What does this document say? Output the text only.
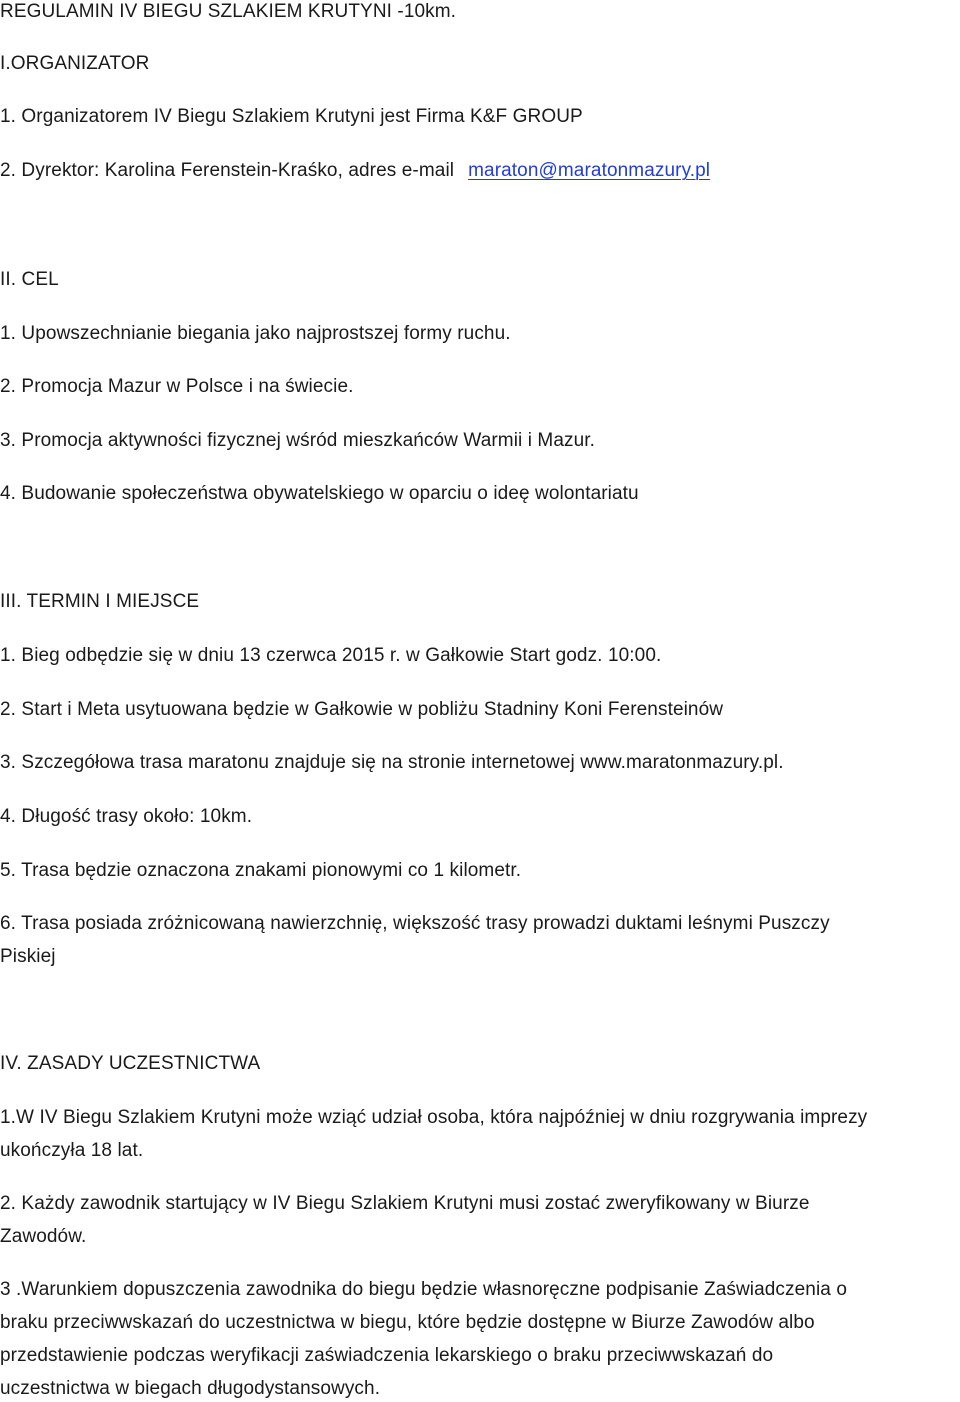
REGULAMIN IV BIEGU SZLAKIEM KRUTYNI -10km.

I.ORGANIZATOR

1. Organizatorem IV Biegu Szlakiem Krutyni jest Firma K&F GROUP

2. Dyrektor: Karolina Ferenstein-Kraśko, adres e-mail maraton@maratonmazury.pl

II. CEL

1. Upowszechnianie biegania jako najprostszej formy ruchu.

2. Promocja Mazur w Polsce i na świecie.

3. Promocja aktywności fizycznej wśród mieszkańców Warmii i Mazur.

4. Budowanie społeczeństwa obywatelskiego w oparciu o ideę wolontariatu

III. TERMIN I MIEJSCE

1. Bieg odbędzie się w dniu 13 czerwca 2015 r. w Gałkowie Start godz. 10:00.

2. Start i Meta usytuowana będzie w Gałkowie w pobliżu Stadniny Koni Ferensteinów

3. Szczegółowa trasa maratonu znajduje się na stronie internetowej www.maratonmazury.pl.

4. Długość trasy około: 10km.

5. Trasa będzie oznaczona znakami pionowymi co 1 kilometr.

6. Trasa posiada zróżnicowaną nawierzchnię, większość trasy prowadzi duktami leśnymi Puszczy

Piskiej

IV. ZASADY UCZESTNICTWA

1.W IV Biegu Szlakiem Krutyni może wziąć udział osoba, która najpóźniej w dniu rozgrywania imprezy

ukończyła 18 lat.

2. Każdy zawodnik startujący w IV Biegu Szlakiem Krutyni musi zostać zweryfikowany w Biurze

Zawodów.

3 .Warunkiem dopuszczenia zawodnika do biegu będzie własnoręczne podpisanie Zaświadczenia o

braku przeciwwskazań do uczestnictwa w biegu, które będzie dostępne w Biurze Zawodów albo

przedstawienie podczas weryfikacji zaświadczenia lekarskiego o braku przeciwwskazań do

uczestnictwa w biegach długodystansowych.
